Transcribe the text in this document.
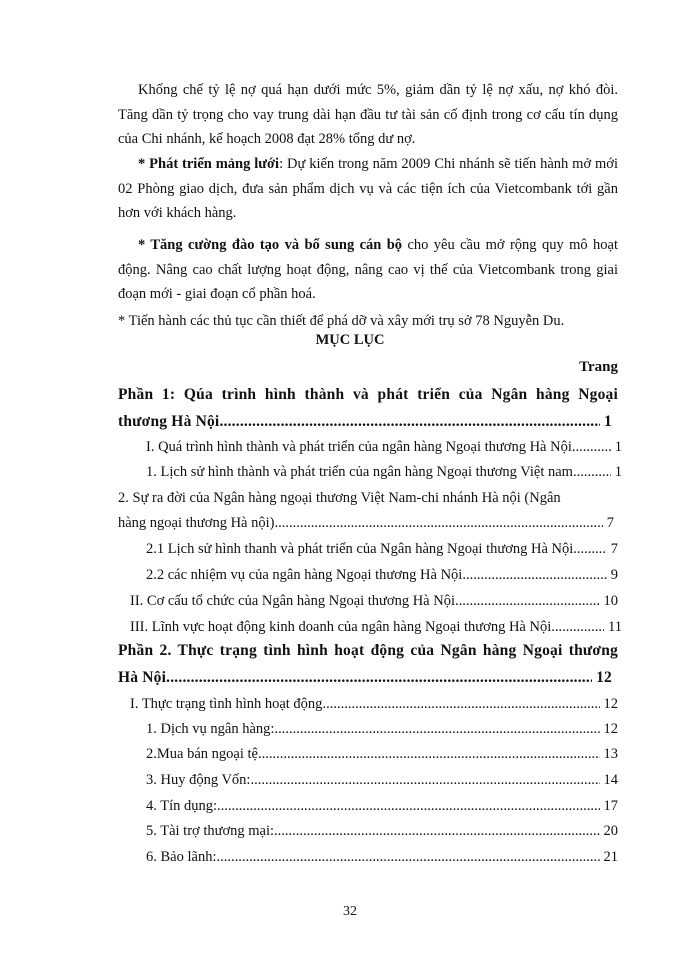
Khống chế tỷ lệ nợ quá hạn dưới mức 5%, giảm dần tỷ lệ nợ xấu, nợ khó đòi. Tăng dần tỷ trọng cho vay trung dài hạn đầu tư tài sản cố định trong cơ cấu tín dụng của Chi nhánh, kế hoạch 2008 đạt 28% tổng dư nợ.
* Phát triển mảng lưới: Dự kiến trong năm 2009 Chi nhánh sẽ tiến hành mở mới 02 Phòng giao dịch, đưa sản phẩm dịch vụ và các tiện ích của Vietcombank tới gần hơn với khách hàng.
* Tăng cường đào tạo và bổ sung cán bộ cho yêu cầu mở rộng quy mô hoạt động. Nâng cao chất lượng hoạt động, nâng cao vị thế của Vietcombank trong giai đoạn mới - giai đoạn cổ phần hoá.
* Tiến hành các thủ tục cần thiết để phá dỡ và xây mới trụ sở 78 Nguyễn Du.
MỤC LỤC
Trang
Phần 1: Qúa trình hình thành và phát triển của Ngân hàng Ngoại
thương Hà Nội .....	1
I. Quá trình hình thành và phát triển của ngân hàng Ngoại thương Hà Nội .....	1
1. Lịch sử hình thành và phát triển của ngân hàng Ngoại thương Việt nam .....	1
2. Sự ra đời của Ngân hàng ngoại thương Việt Nam-chi nhánh Hà nội (Ngân
hàng ngoại thương Hà nội) .....	7
2.1 Lịch sử hình thanh và phát triển của Ngân hàng Ngoại thương Hà Nội .....	7
2.2 các nhiệm vụ của ngân hàng Ngoại thương Hà Nội .....	9
II. Cơ cấu tổ chức của Ngân hàng Ngoại thương Hà Nội .....	10
III. Lĩnh vực hoạt động kinh doanh của ngân hàng Ngoại thương Hà Nội .....	11
Phần 2. Thực trạng tình hình hoạt động của Ngân hàng Ngoại thương
Hà Nội .....	12
I. Thực trạng tình hình hoạt động .....	12
1. Dịch vụ ngân hàng: .....	12
2.Mua bán ngoại tệ .....	13
3. Huy động Vốn: .....	14
4. Tín dụng: .....	17
5. Tài trợ thương mại: .....	20
6. Bảo lãnh: .....	21
32
